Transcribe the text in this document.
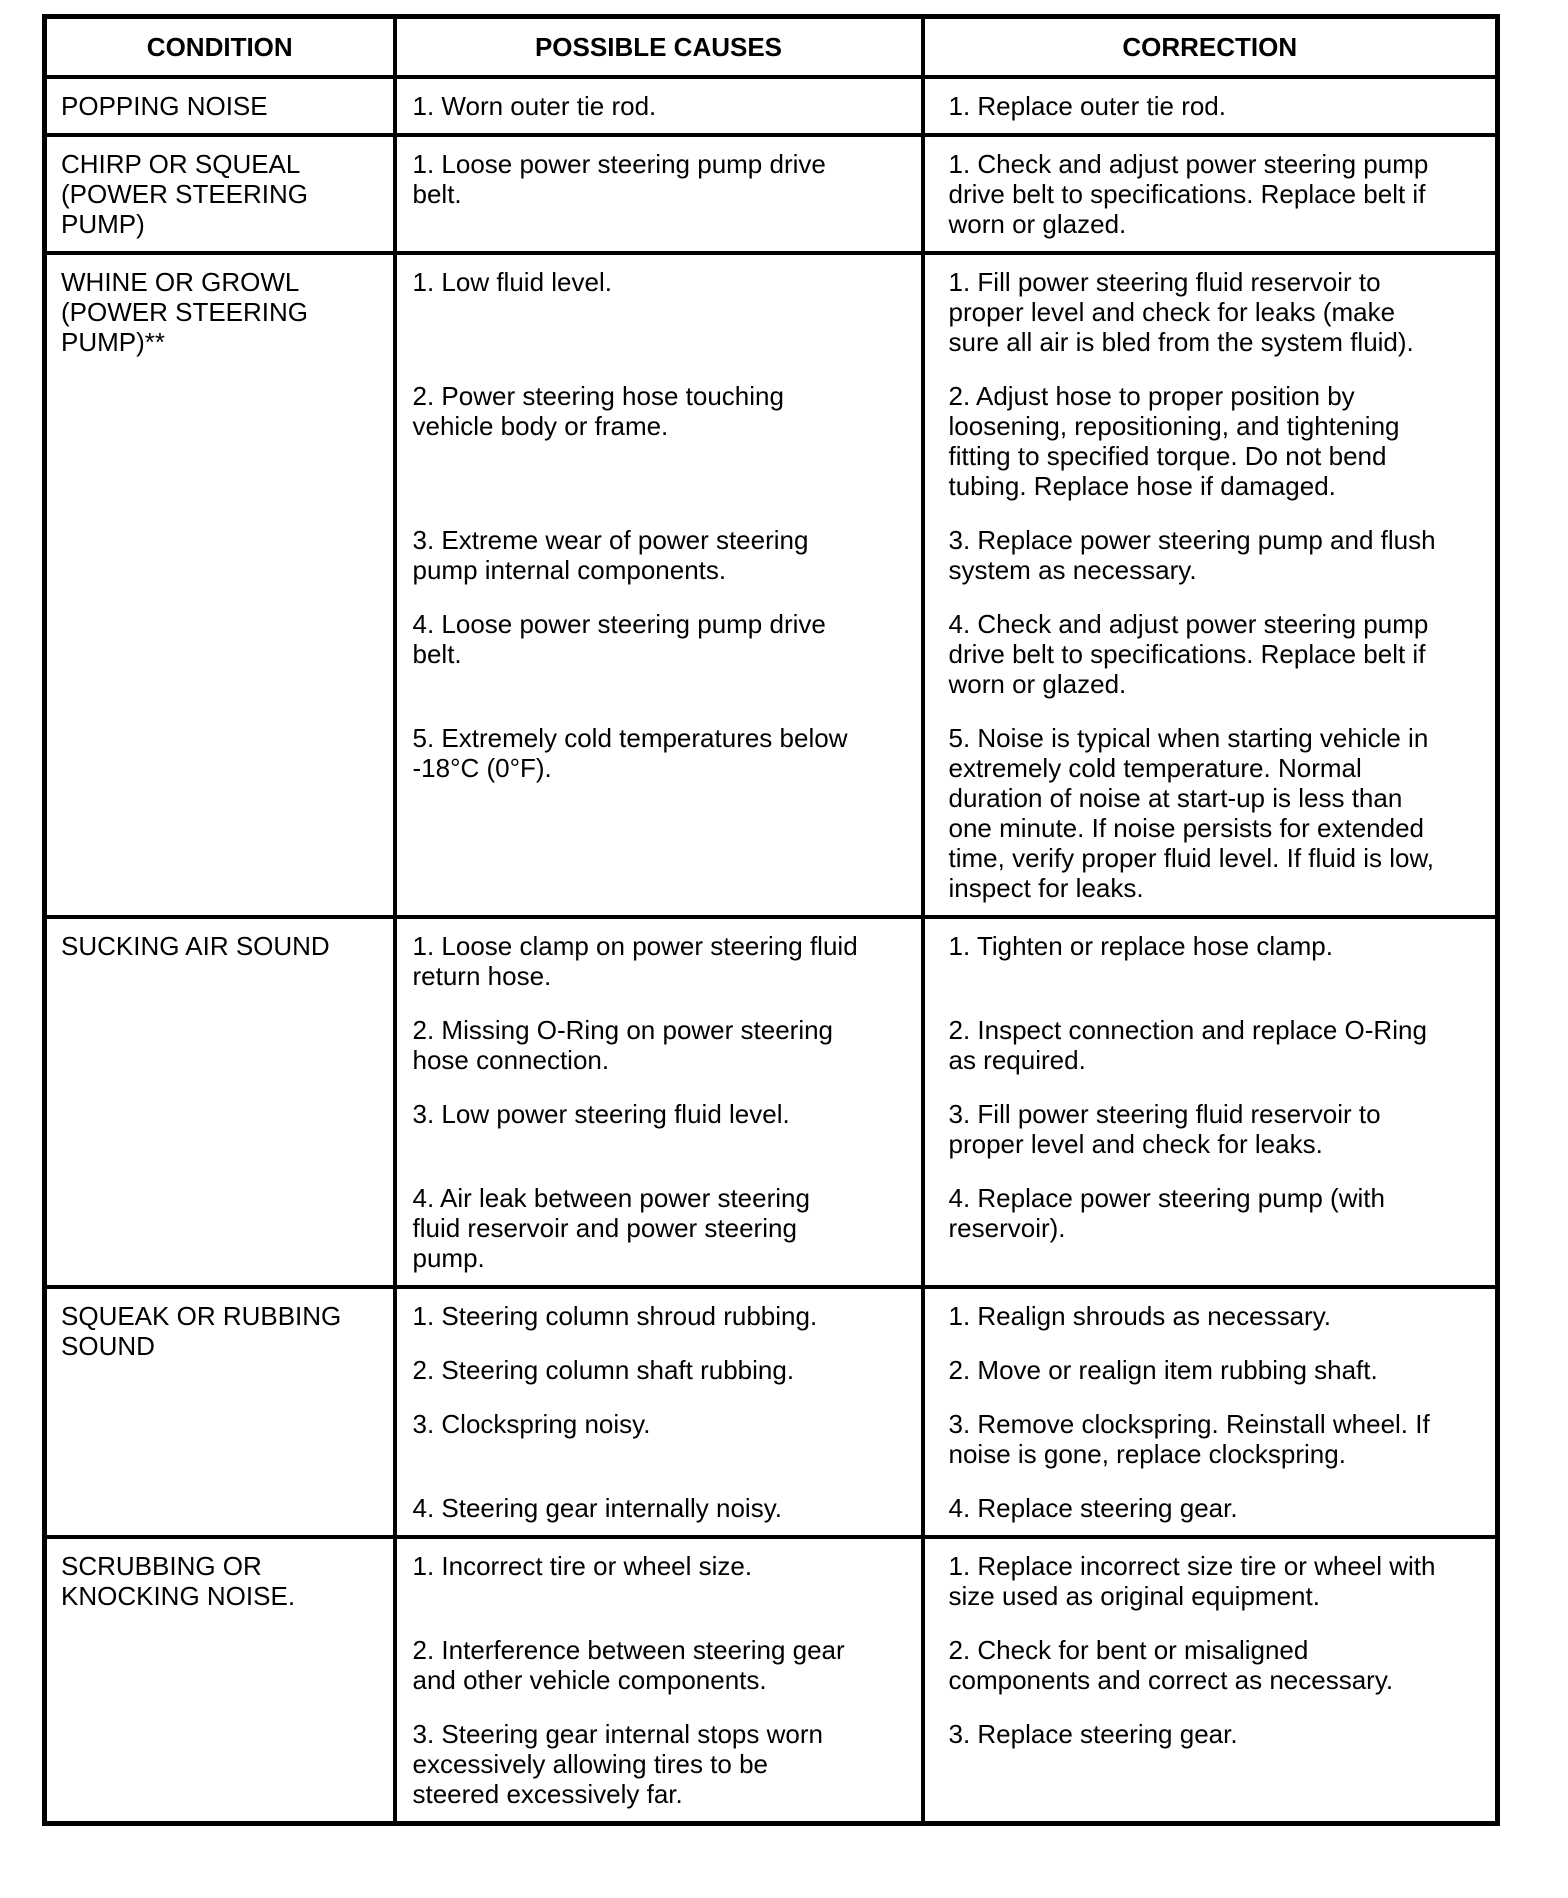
CONDITION	POSSIBLE CAUSES	CORRECTION
POPPING NOISE	1. Worn outer tie rod.	1. Replace outer tie rod.
CHIRP OR SQUEAL (POWER STEERING PUMP)	1. Loose power steering pump drive belt.	1. Check and adjust power steering pump drive belt to specifications. Replace belt if worn or glazed.
WHINE OR GROWL (POWER STEERING PUMP)**	1. Low fluid level.	1. Fill power steering fluid reservoir to proper level and check for leaks (make sure all air is bled from the system fluid).
	2. Power steering hose touching vehicle body or frame.	2. Adjust hose to proper position by loosening, repositioning, and tightening fitting to specified torque. Do not bend tubing. Replace hose if damaged.
	3. Extreme wear of power steering pump internal components.	3. Replace power steering pump and flush system as necessary.
	4. Loose power steering pump drive belt.	4. Check and adjust power steering pump drive belt to specifications. Replace belt if worn or glazed.
	5. Extremely cold temperatures below -18°C (0°F).	5. Noise is typical when starting vehicle in extremely cold temperature. Normal duration of noise at start-up is less than one minute. If noise persists for extended time, verify proper fluid level. If fluid is low, inspect for leaks.
SUCKING AIR SOUND	1. Loose clamp on power steering fluid return hose.	1. Tighten or replace hose clamp.
	2. Missing O-Ring on power steering hose connection.	2. Inspect connection and replace O-Ring as required.
	3. Low power steering fluid level.	3. Fill power steering fluid reservoir to proper level and check for leaks.
	4. Air leak between power steering fluid reservoir and power steering pump.	4. Replace power steering pump (with reservoir).
SQUEAK OR RUBBING SOUND	1. Steering column shroud rubbing.	1. Realign shrouds as necessary.
	2. Steering column shaft rubbing.	2. Move or realign item rubbing shaft.
	3. Clockspring noisy.	3. Remove clockspring. Reinstall wheel. If noise is gone, replace clockspring.
	4. Steering gear internally noisy.	4. Replace steering gear.
SCRUBBING OR KNOCKING NOISE.	1. Incorrect tire or wheel size.	1. Replace incorrect size tire or wheel with size used as original equipment.
	2. Interference between steering gear and other vehicle components.	2. Check for bent or misaligned components and correct as necessary.
	3. Steering gear internal stops worn excessively allowing tires to be steered excessively far.	3. Replace steering gear.
